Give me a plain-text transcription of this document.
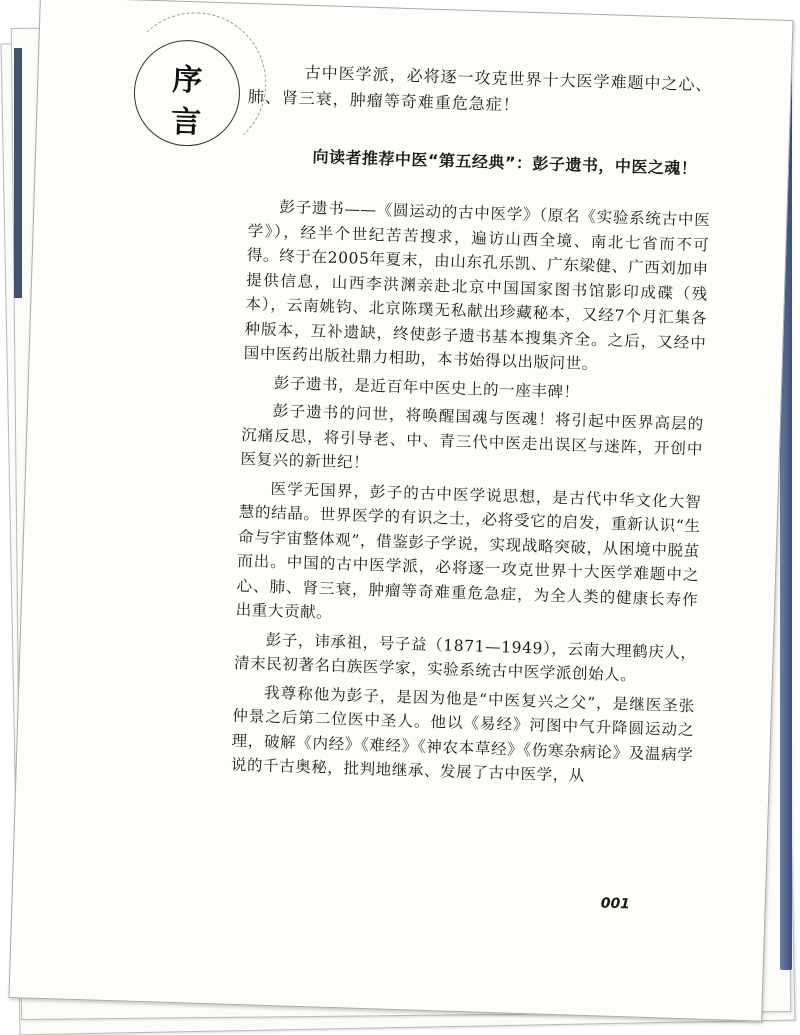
序
言

古中医学派，必将逐一攻克世界十大医学难题中之心、

肺、肾三衰，肿瘤等奇难重危急症！

向读者推荐中医“第五经典”：彭子遗书，中医之魂！

彭子遗书——《圆运动的古中医学》（原名《实验系统古中医学》），经半个世纪苦苦搜求，遍访山西全境、南北七省而不可得。终于在2005年夏末，由山东孔乐凯、广东梁健、广西刘加申提供信息，山西李洪渊亲赴北京中国国家图书馆影印成碟（残本），云南姚钧、北京陈璞无私献出珍藏秘本，又经7个月汇集各种版本，互补遗缺，终使彭子遗书基本搜集齐全。之后，又经中国中医药出版社鼎力相助，本书始得以出版问世。

彭子遗书，是近百年中医史上的一座丰碑！

彭子遗书的问世，将唤醒国魂与医魂！将引起中医界高层的沉痛反思，将引导老、中、青三代中医走出误区与迷阵，开创中医复兴的新世纪！

医学无国界，彭子的古中医学说思想，是古代中华文化大智慧的结晶。世界医学的有识之士，必将受它的启发，重新认识“生命与宇宙整体观”，借鉴彭子学说，实现战略突破，从困境中脱茧而出。中国的古中医学派，必将逐一攻克世界十大医学难题中之心、肺、肾三衰，肿瘤等奇难重危急症，为全人类的健康长寿作出重大贡献。

彭子，讳承祖，号子益（1871—1949），云南大理鹤庆人，清末民初著名白族医学家，实验系统古中医学派创始人。

我尊称他为彭子，是因为他是“中医复兴之父”，是继医圣张仲景之后第二位医中圣人。他以《易经》河图中气升降圆运动之理，破解《内经》《难经》《神农本草经》《伤寒杂病论》及温病学说的千古奥秘，批判地继承、发展了古中医学，从

001
